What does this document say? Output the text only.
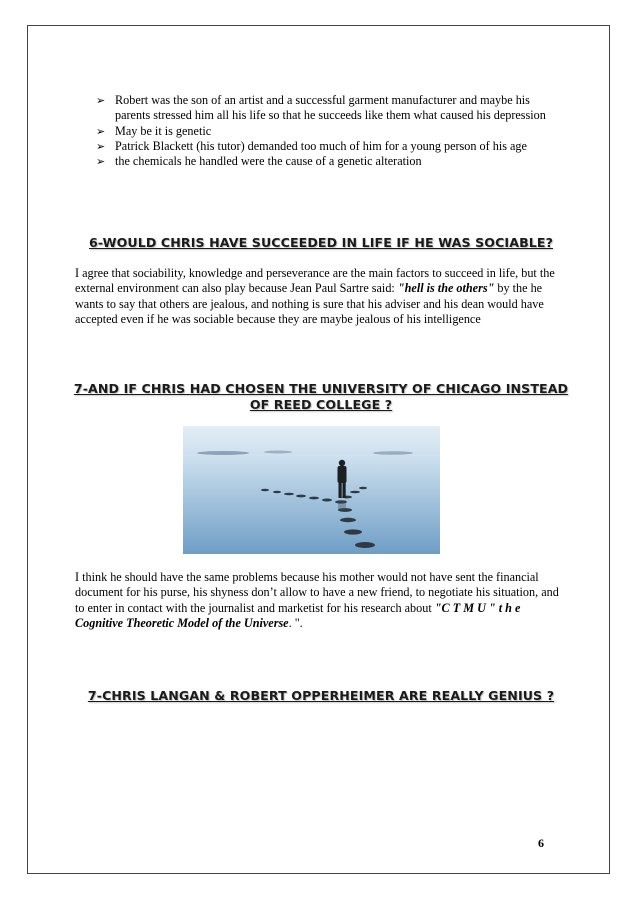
➢ Robert was the son of an artist and a successful garment manufacturer and maybe his parents stressed him all his life so that he succeeds like them what caused his depression
➢ May be it is genetic
➢ Patrick Blackett (his tutor) demanded too much of him for a young person of his age
➢ the chemicals he handled were the cause of a genetic alteration
6-WOULD CHRIS HAVE SUCCEEDED IN LIFE IF HE WAS SOCIABLE?

I agree that sociability, knowledge and perseverance are the main factors to succeed in life, but the external environment can also play because Jean Paul Sartre said: "hell is the others" by the he wants to say that others are jealous, and nothing is sure that his adviser and his dean would have accepted even if he was sociable because they are maybe jealous of his intelligence

7-AND IF CHRIS HAD CHOSEN THE UNIVERSITY OF CHICAGO INSTEAD OF REED COLLEGE ?

I think he should have the same problems because his mother would not have sent the financial document for his purse, his shyness don’t allow to have a new friend, to negotiate his situation, and to enter in contact with the journalist and marketist for his research about "C T M U " t h e Cognitive Theoretic Model of the Universe. ".

7-CHRIS LANGAN & ROBERT OPPERHEIMER ARE REALLY GENIUS ?
6
